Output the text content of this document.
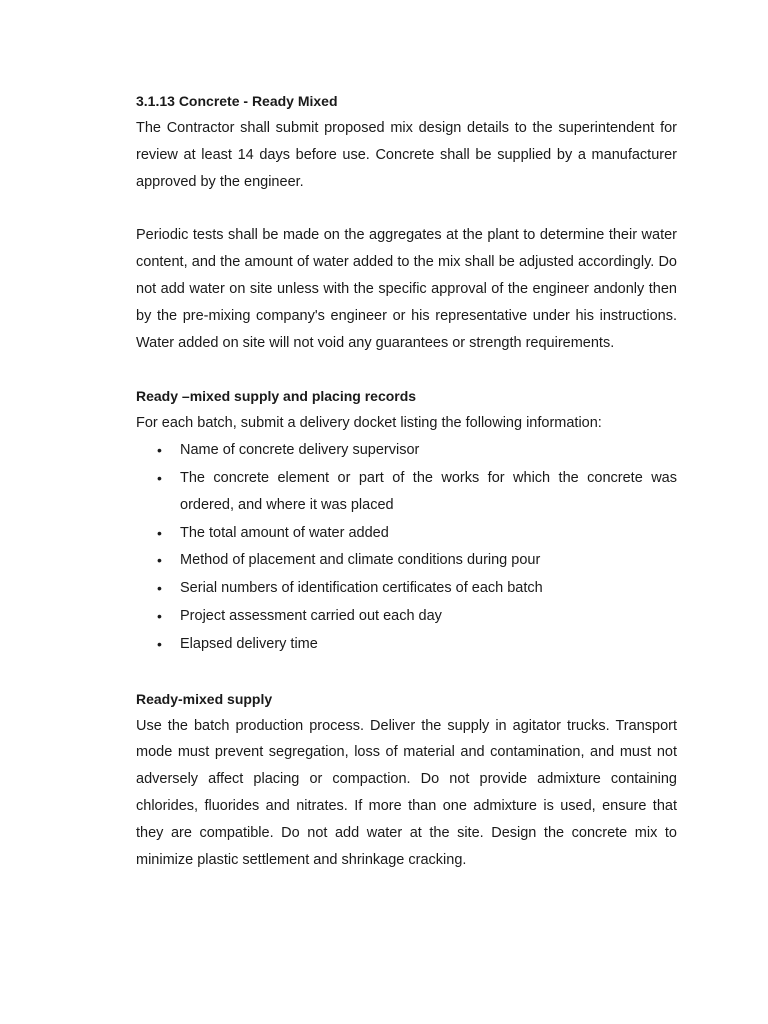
3.1.13 Concrete - Ready Mixed

The Contractor shall submit proposed mix design details to the superintendent for review at least 14 days before use. Concrete shall be supplied by a manufacturer approved by the engineer.

Periodic tests shall be made on the aggregates at the plant to determine their water content, and the amount of water added to the mix shall be adjusted accordingly. Do not add water on site unless with the specific approval of the engineer andonly then by the pre-mixing company's engineer or his representative under his instructions. Water added on site will not void any guarantees or strength requirements.

Ready –mixed supply and placing records

For each batch, submit a delivery docket listing the following information:

• Name of concrete delivery supervisor
• The concrete element or part of the works for which the concrete was ordered, and where it was placed
• The total amount of water added
• Method of placement and climate conditions during pour
• Serial numbers of identification certificates of each batch
• Project assessment carried out each day
• Elapsed delivery time

Ready-mixed supply

Use the batch production process. Deliver the supply in agitator trucks. Transport mode must prevent segregation, loss of material and contamination, and must not adversely affect placing or compaction. Do not provide admixture containing chlorides, fluorides and nitrates. If more than one admixture is used, ensure that they are compatible. Do not add water at the site. Design the concrete mix to minimize plastic settlement and shrinkage cracking.
